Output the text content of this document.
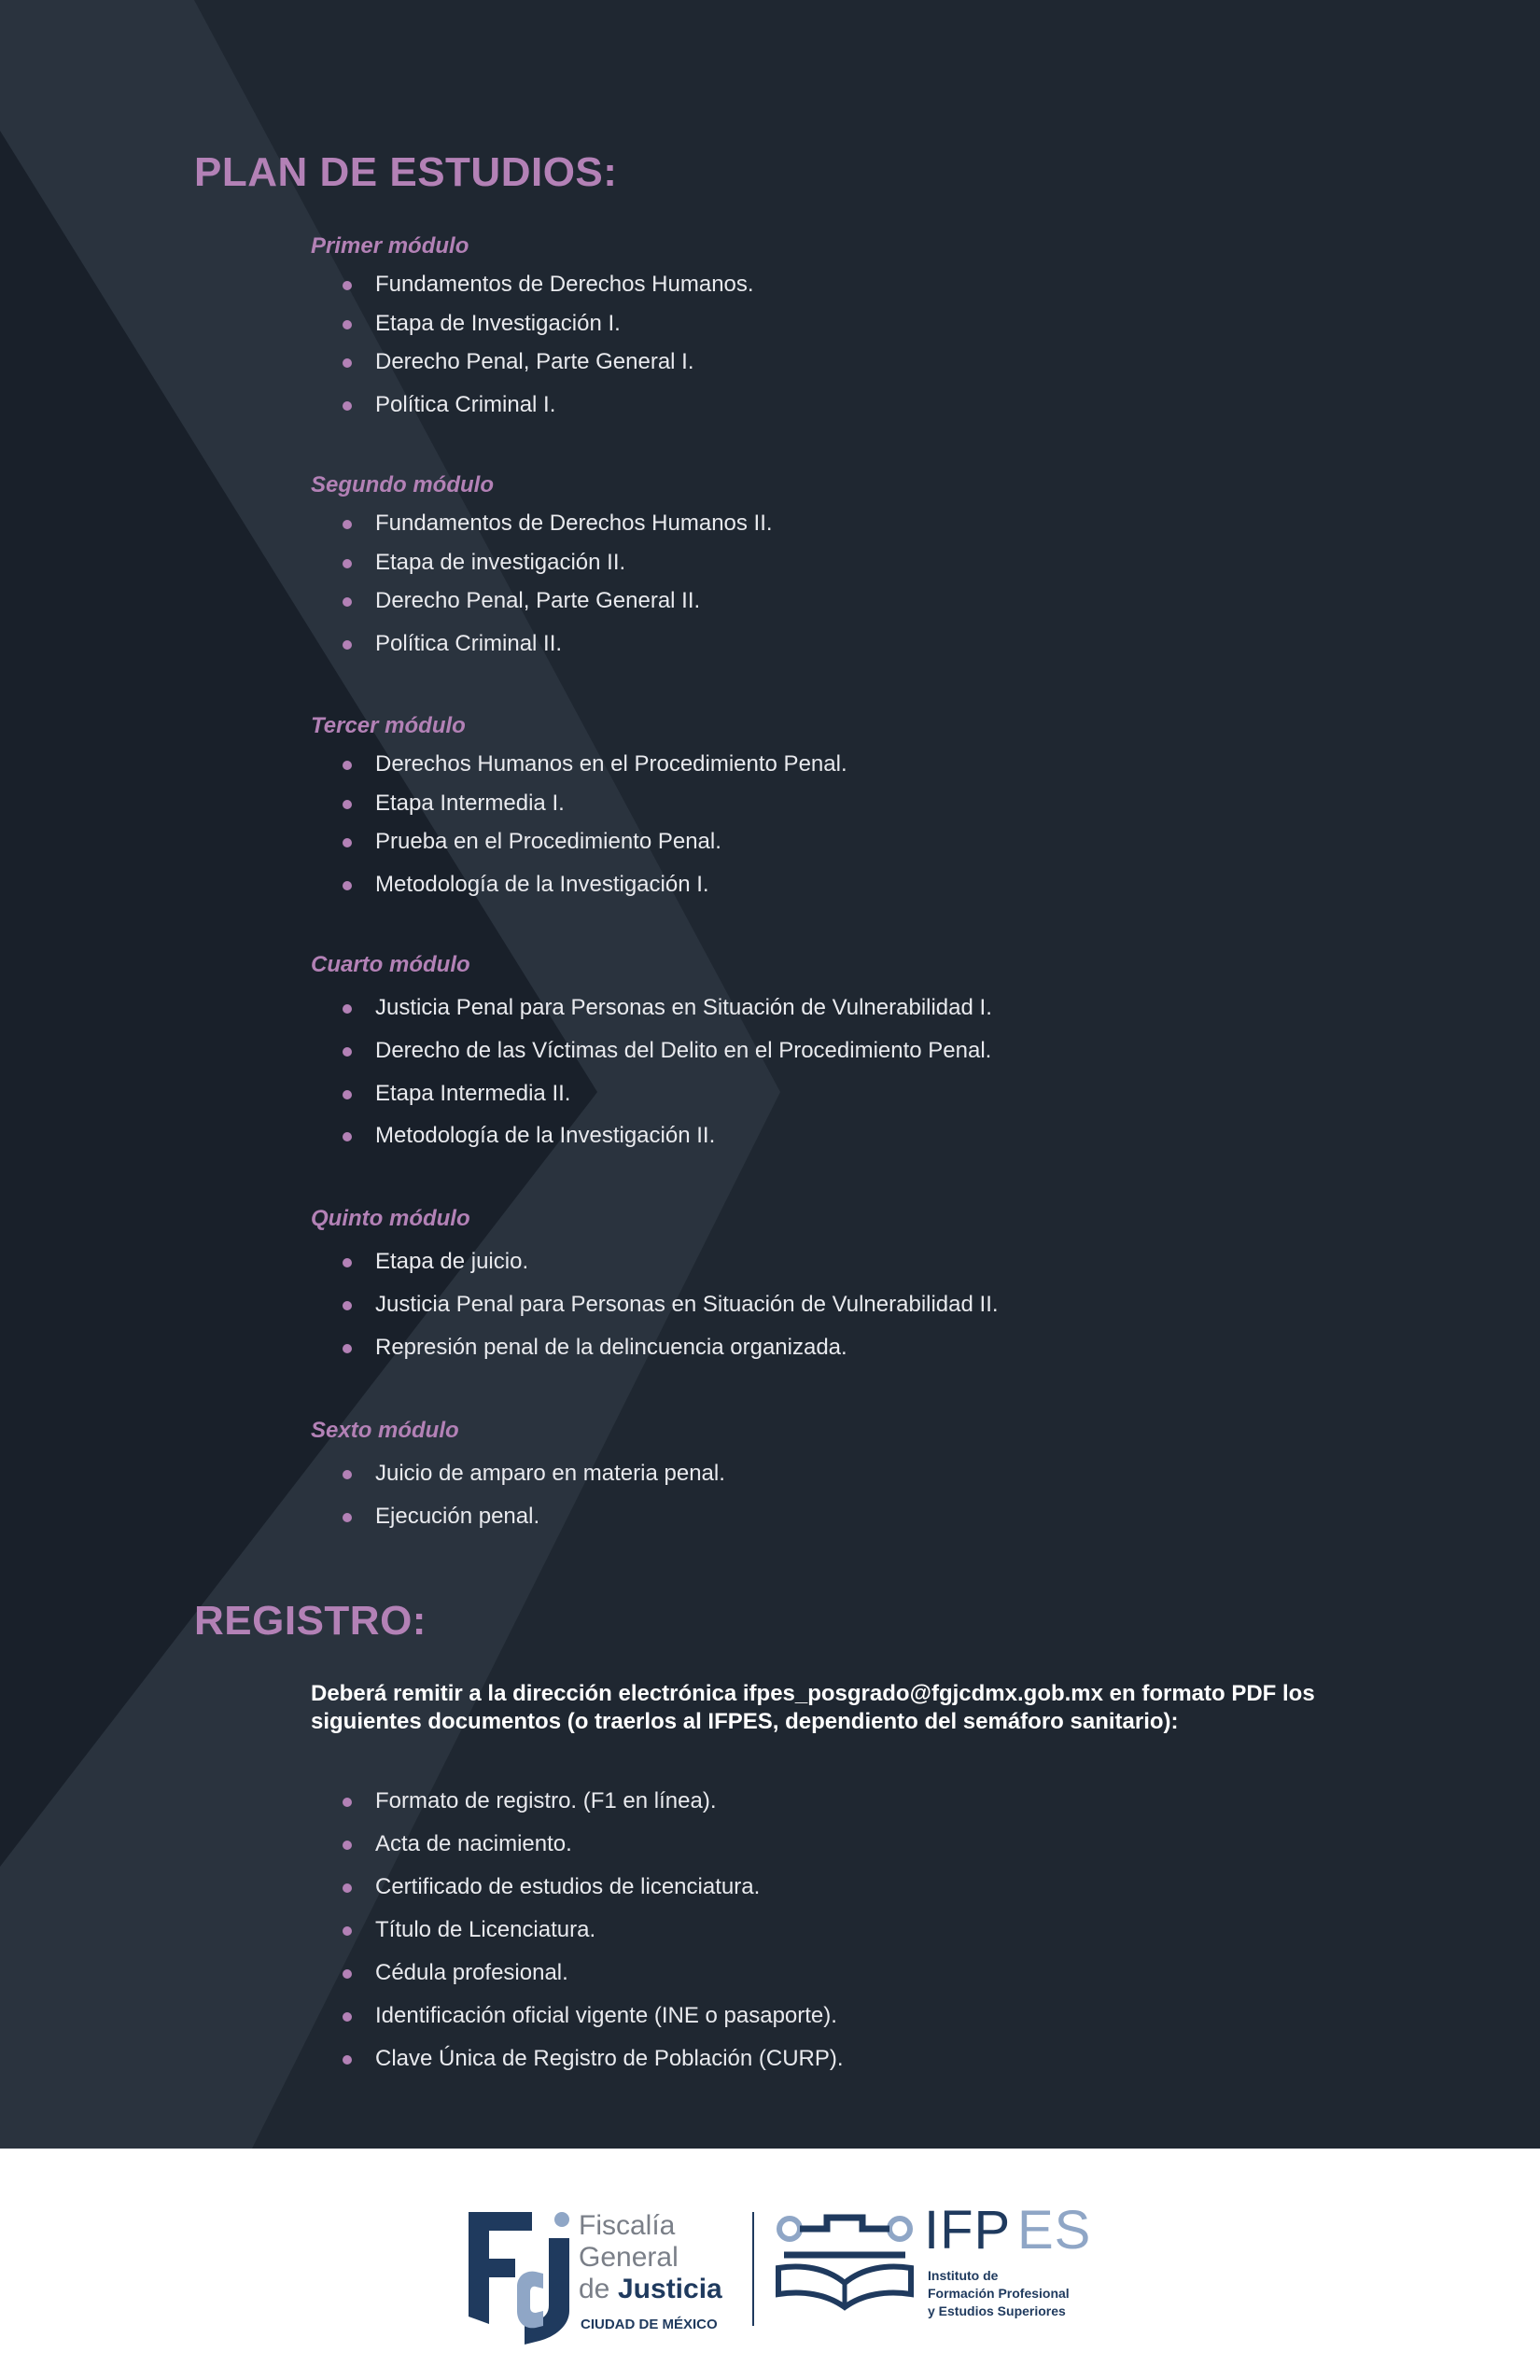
PLAN DE ESTUDIOS:
Primer módulo
Fundamentos de Derechos Humanos.
Etapa de Investigación I.
Derecho Penal, Parte General I.
Política Criminal I.
Segundo módulo
Fundamentos de Derechos Humanos II.
Etapa de investigación II.
Derecho Penal, Parte General II.
Política Criminal II.
Tercer módulo
Derechos Humanos en el Procedimiento Penal.
Etapa Intermedia I.
Prueba en el Procedimiento Penal.
Metodología de la Investigación I.
Cuarto módulo
Justicia Penal para Personas en Situación de Vulnerabilidad I.
Derecho de las Víctimas del Delito en el Procedimiento Penal.
Etapa Intermedia II.
Metodología de la Investigación II.
Quinto módulo
Etapa de juicio.
Justicia Penal para Personas en Situación de Vulnerabilidad II.
Represión penal de la delincuencia organizada.
Sexto módulo
Juicio de amparo en materia penal.
Ejecución penal.
REGISTRO:

Deberá remitir a la dirección electrónica ifpes_posgrado@fgjcdmx.gob.mx en formato PDF los siguientes documentos (o traerlos al IFPES, dependiento del semáforo sanitario):

Formato de registro. (F1 en línea).
Acta de nacimiento.
Certificado de estudios de licenciatura.
Título de Licenciatura.
Cédula profesional.
Identificación oficial vigente (INE o pasaporte).
Clave Única de Registro de Población (CURP).
Fiscalía
General
de Justicia
CIUDAD DE MÉXICO
IFP ES
Instituto de
Formación Profesional
y Estudios Superiores
